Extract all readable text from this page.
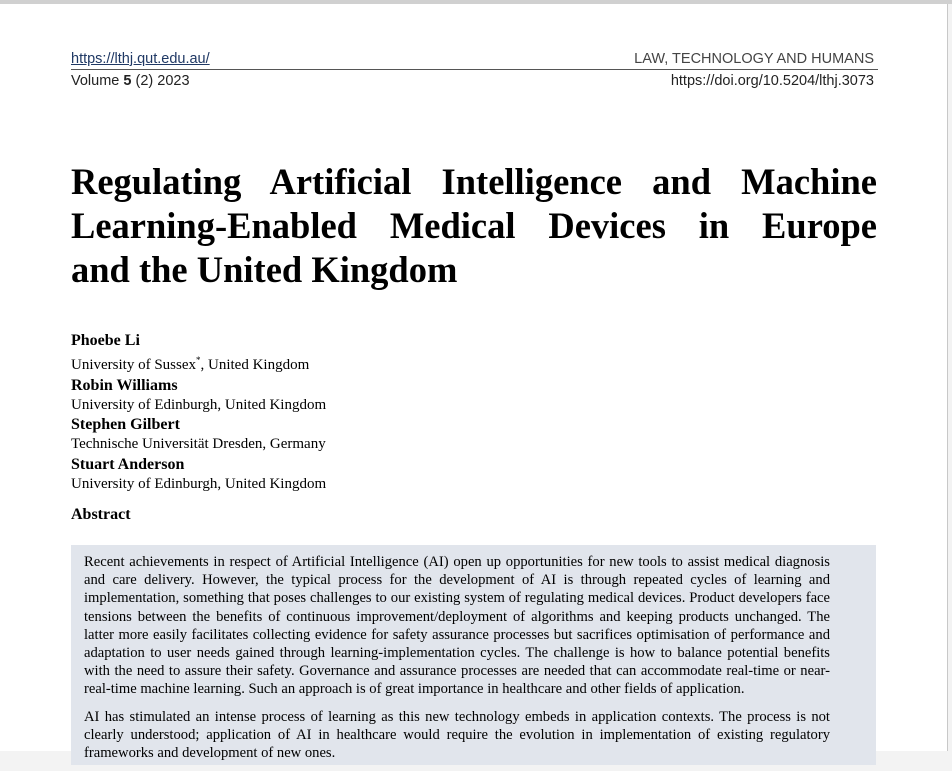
https://lthj.qut.edu.au/
Volume 5 (2) 2023
LAW, TECHNOLOGY AND HUMANS
https://doi.org/10.5204/lthj.3073
Regulating Artificial Intelligence and Machine
Learning-Enabled Medical Devices in Europe
and the United Kingdom
Phoebe Li
University of Sussex*, United Kingdom
Robin Williams
University of Edinburgh, United Kingdom
Stephen Gilbert
Technische Universität Dresden, Germany
Stuart Anderson
University of Edinburgh, United Kingdom
Abstract

Recent achievements in respect of Artificial Intelligence (AI) open up opportunities for new tools to assist medical diagnosis and care delivery. However, the typical process for the development of AI is through repeated cycles of learning and implementation, something that poses challenges to our existing system of regulating medical devices. Product developers face tensions between the benefits of continuous improvement/deployment of algorithms and keeping products unchanged. The latter more easily facilitates collecting evidence for safety assurance processes but sacrifices optimisation of performance and adaptation to user needs gained through learning-implementation cycles. The challenge is how to balance potential benefits with the need to assure their safety. Governance and assurance processes are needed that can accommodate real-time or near-real-time machine learning. Such an approach is of great importance in healthcare and other fields of application.

AI has stimulated an intense process of learning as this new technology embeds in application contexts. The process is not clearly understood; application of AI in healthcare would require the evolution in implementation of existing regulatory frameworks and development of new ones.
